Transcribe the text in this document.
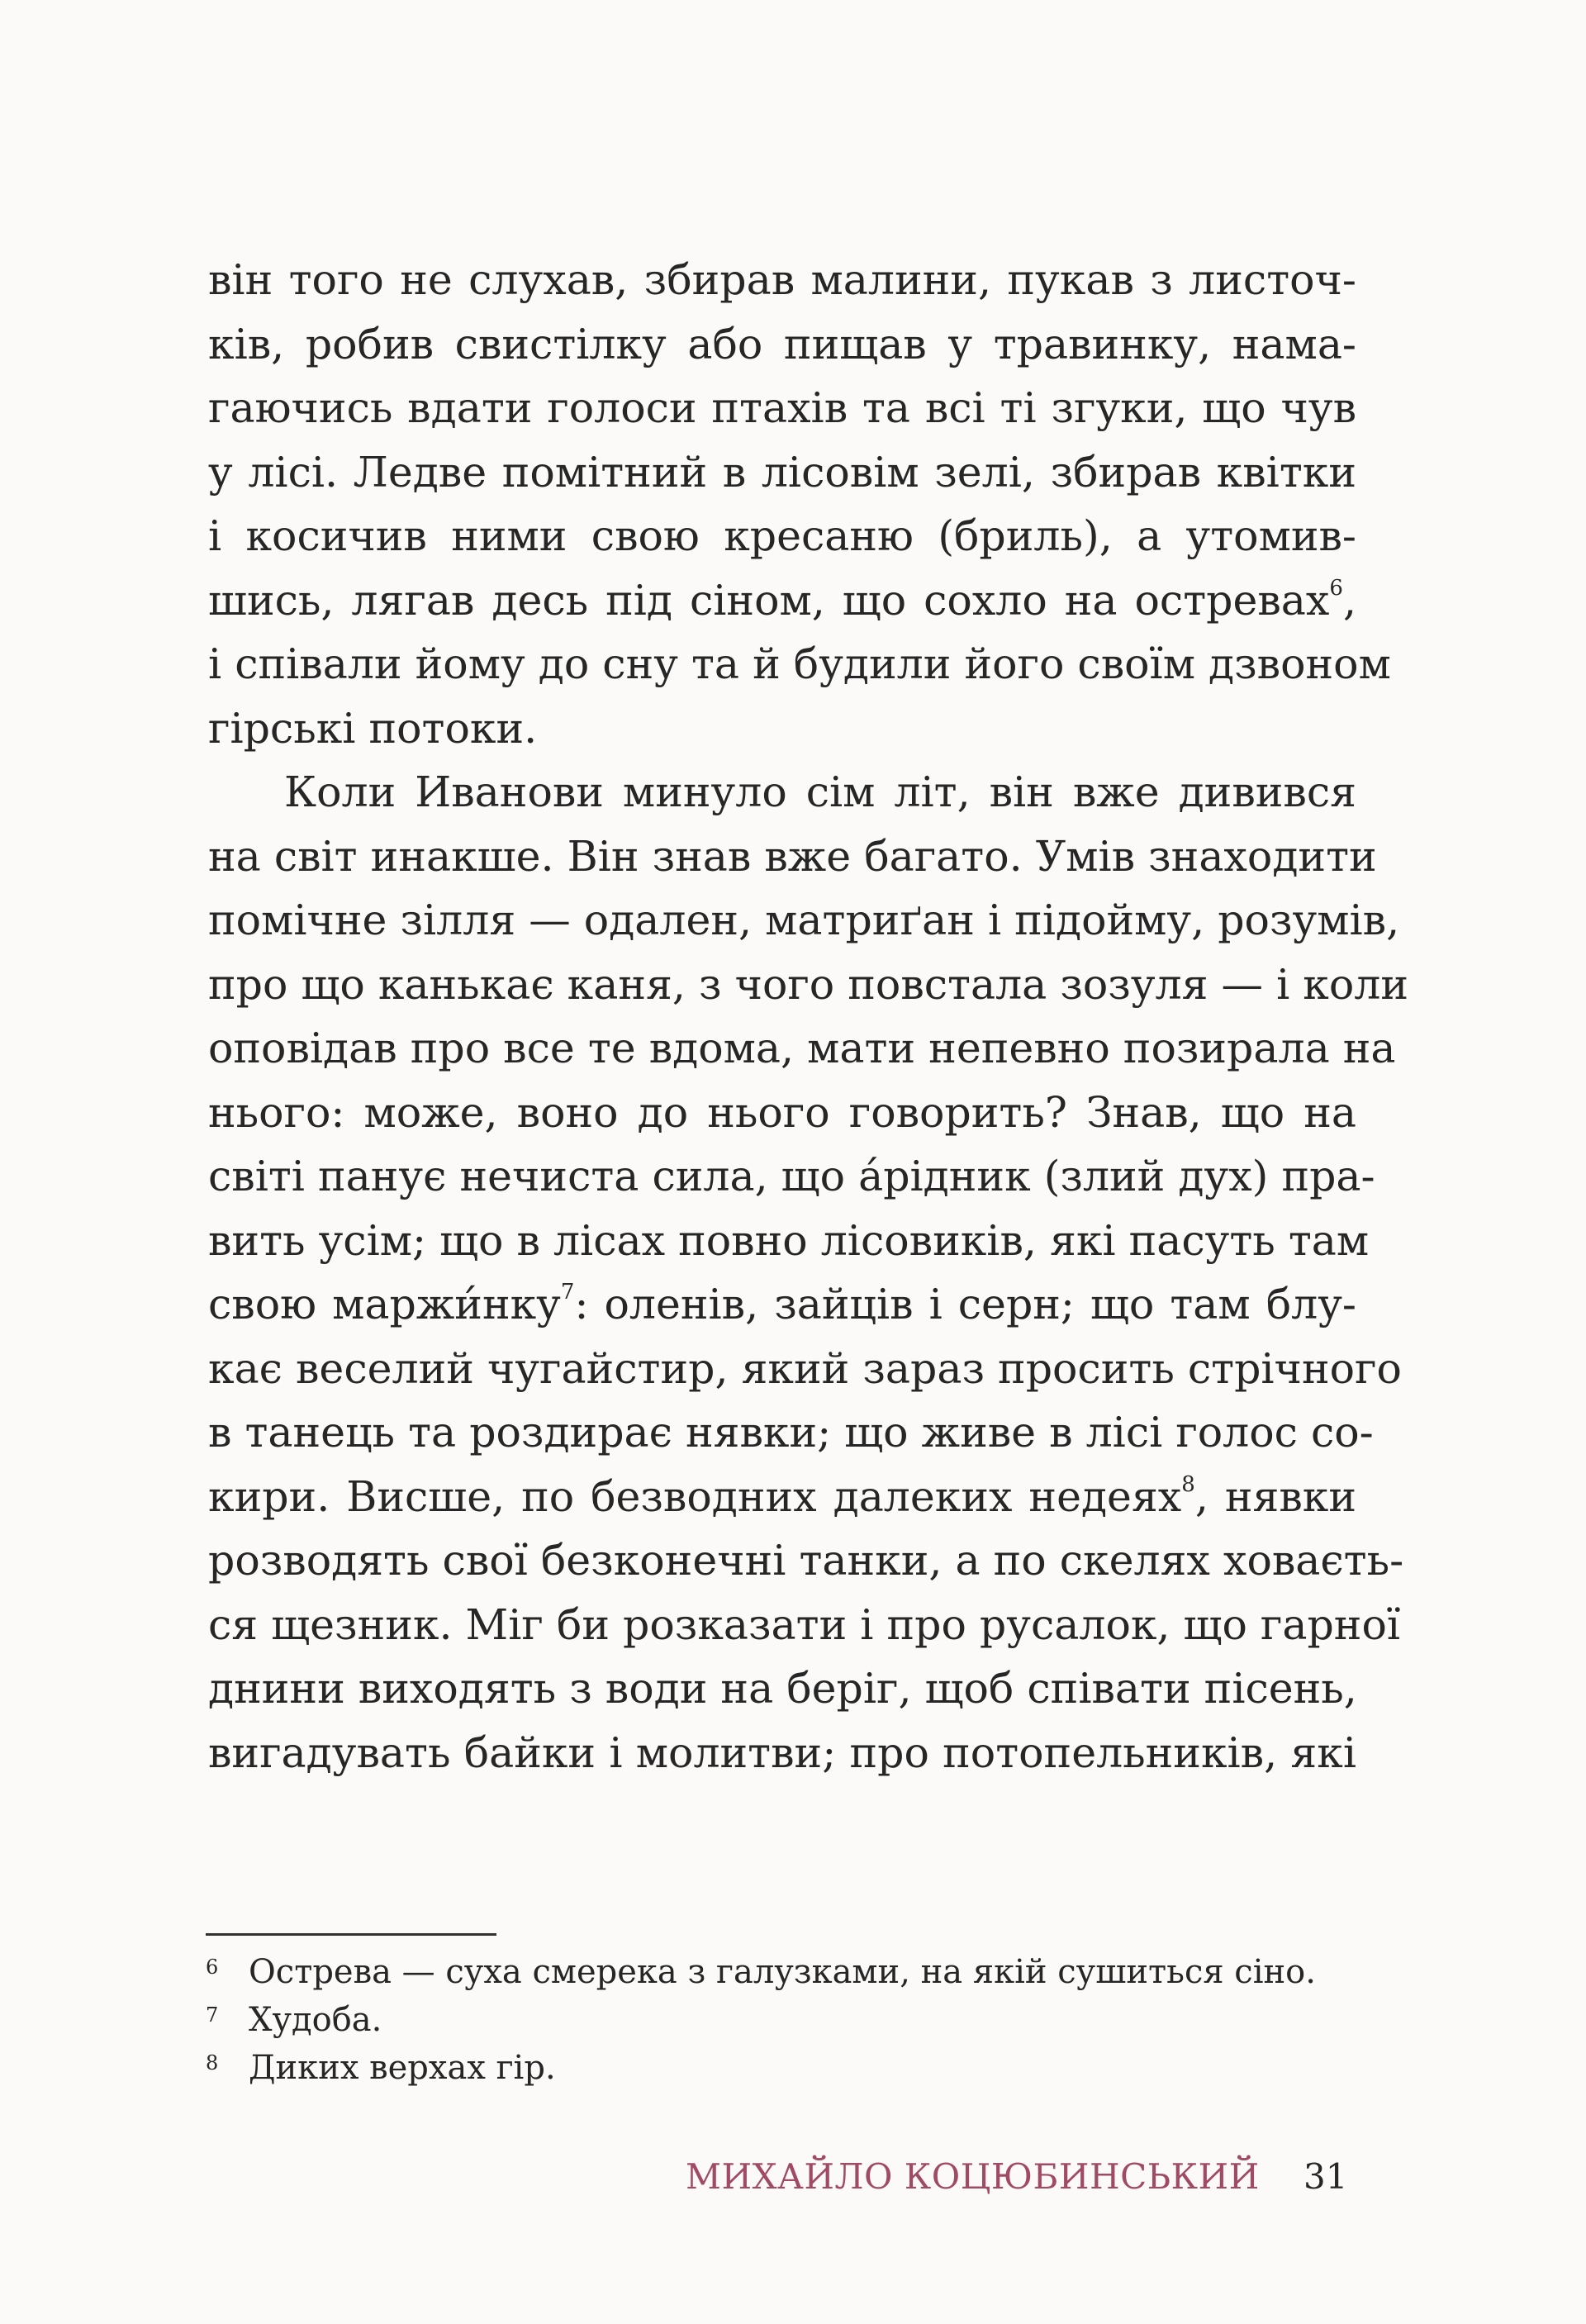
він того не слухав, збирав малини, пукав з листоч-
ків, робив свистілку або пищав у травинку, нама-
гаючись вдати голоси птахів та всі ті згуки, що чув
у лісі. Ледве помітний в лісовім зелі, збирав квітки
і косичив ними свою кресаню (бриль), а утомив-
шись, лягав десь під сіном, що сохло на остревах$^6$,
і співали йому до сну та й будили його своїм дзвоном
гірські потоки.
Коли Иванови минуло сім літ, він вже дивився
на світ инакше. Він знав вже багато. Умів знаходити
помічне зілля — одален, матриґан і підойму, розумів,
про що канькає каня, з чого повстала зозуля — і коли
оповідав про все те вдома, мати непевно позирала на
нього: може, воно до нього говорить? Знав, що на
світі панує нечиста сила, що áрідник (злий дух) пра-
вить усім; що в лісах повно лісовиків, які пасуть там
свою маржи́нку$^7$: оленів, зайців і серн; що там блу-
кає веселий чугайстир, який зараз просить стрічного
в танець та роздирає нявки; що живе в лісі голос со-
кири. Висше, по безводних далеких недеях$^8$, нявки
розводять свої безконечні танки, а по скелях ховаєть-
ся щезник. Міг би розказати і про русалок, що гарної
днини виходять з води на беріг, щоб співати пісень,
вигадувать байки і молитви; про потопельників, які
6 Острева — суха смерека з галузками, на якій сушиться сіно.
7 Худоба.
8 Диких верхах гір.
МИХАЙЛО КОЦЮБИНСЬКИЙ 31
